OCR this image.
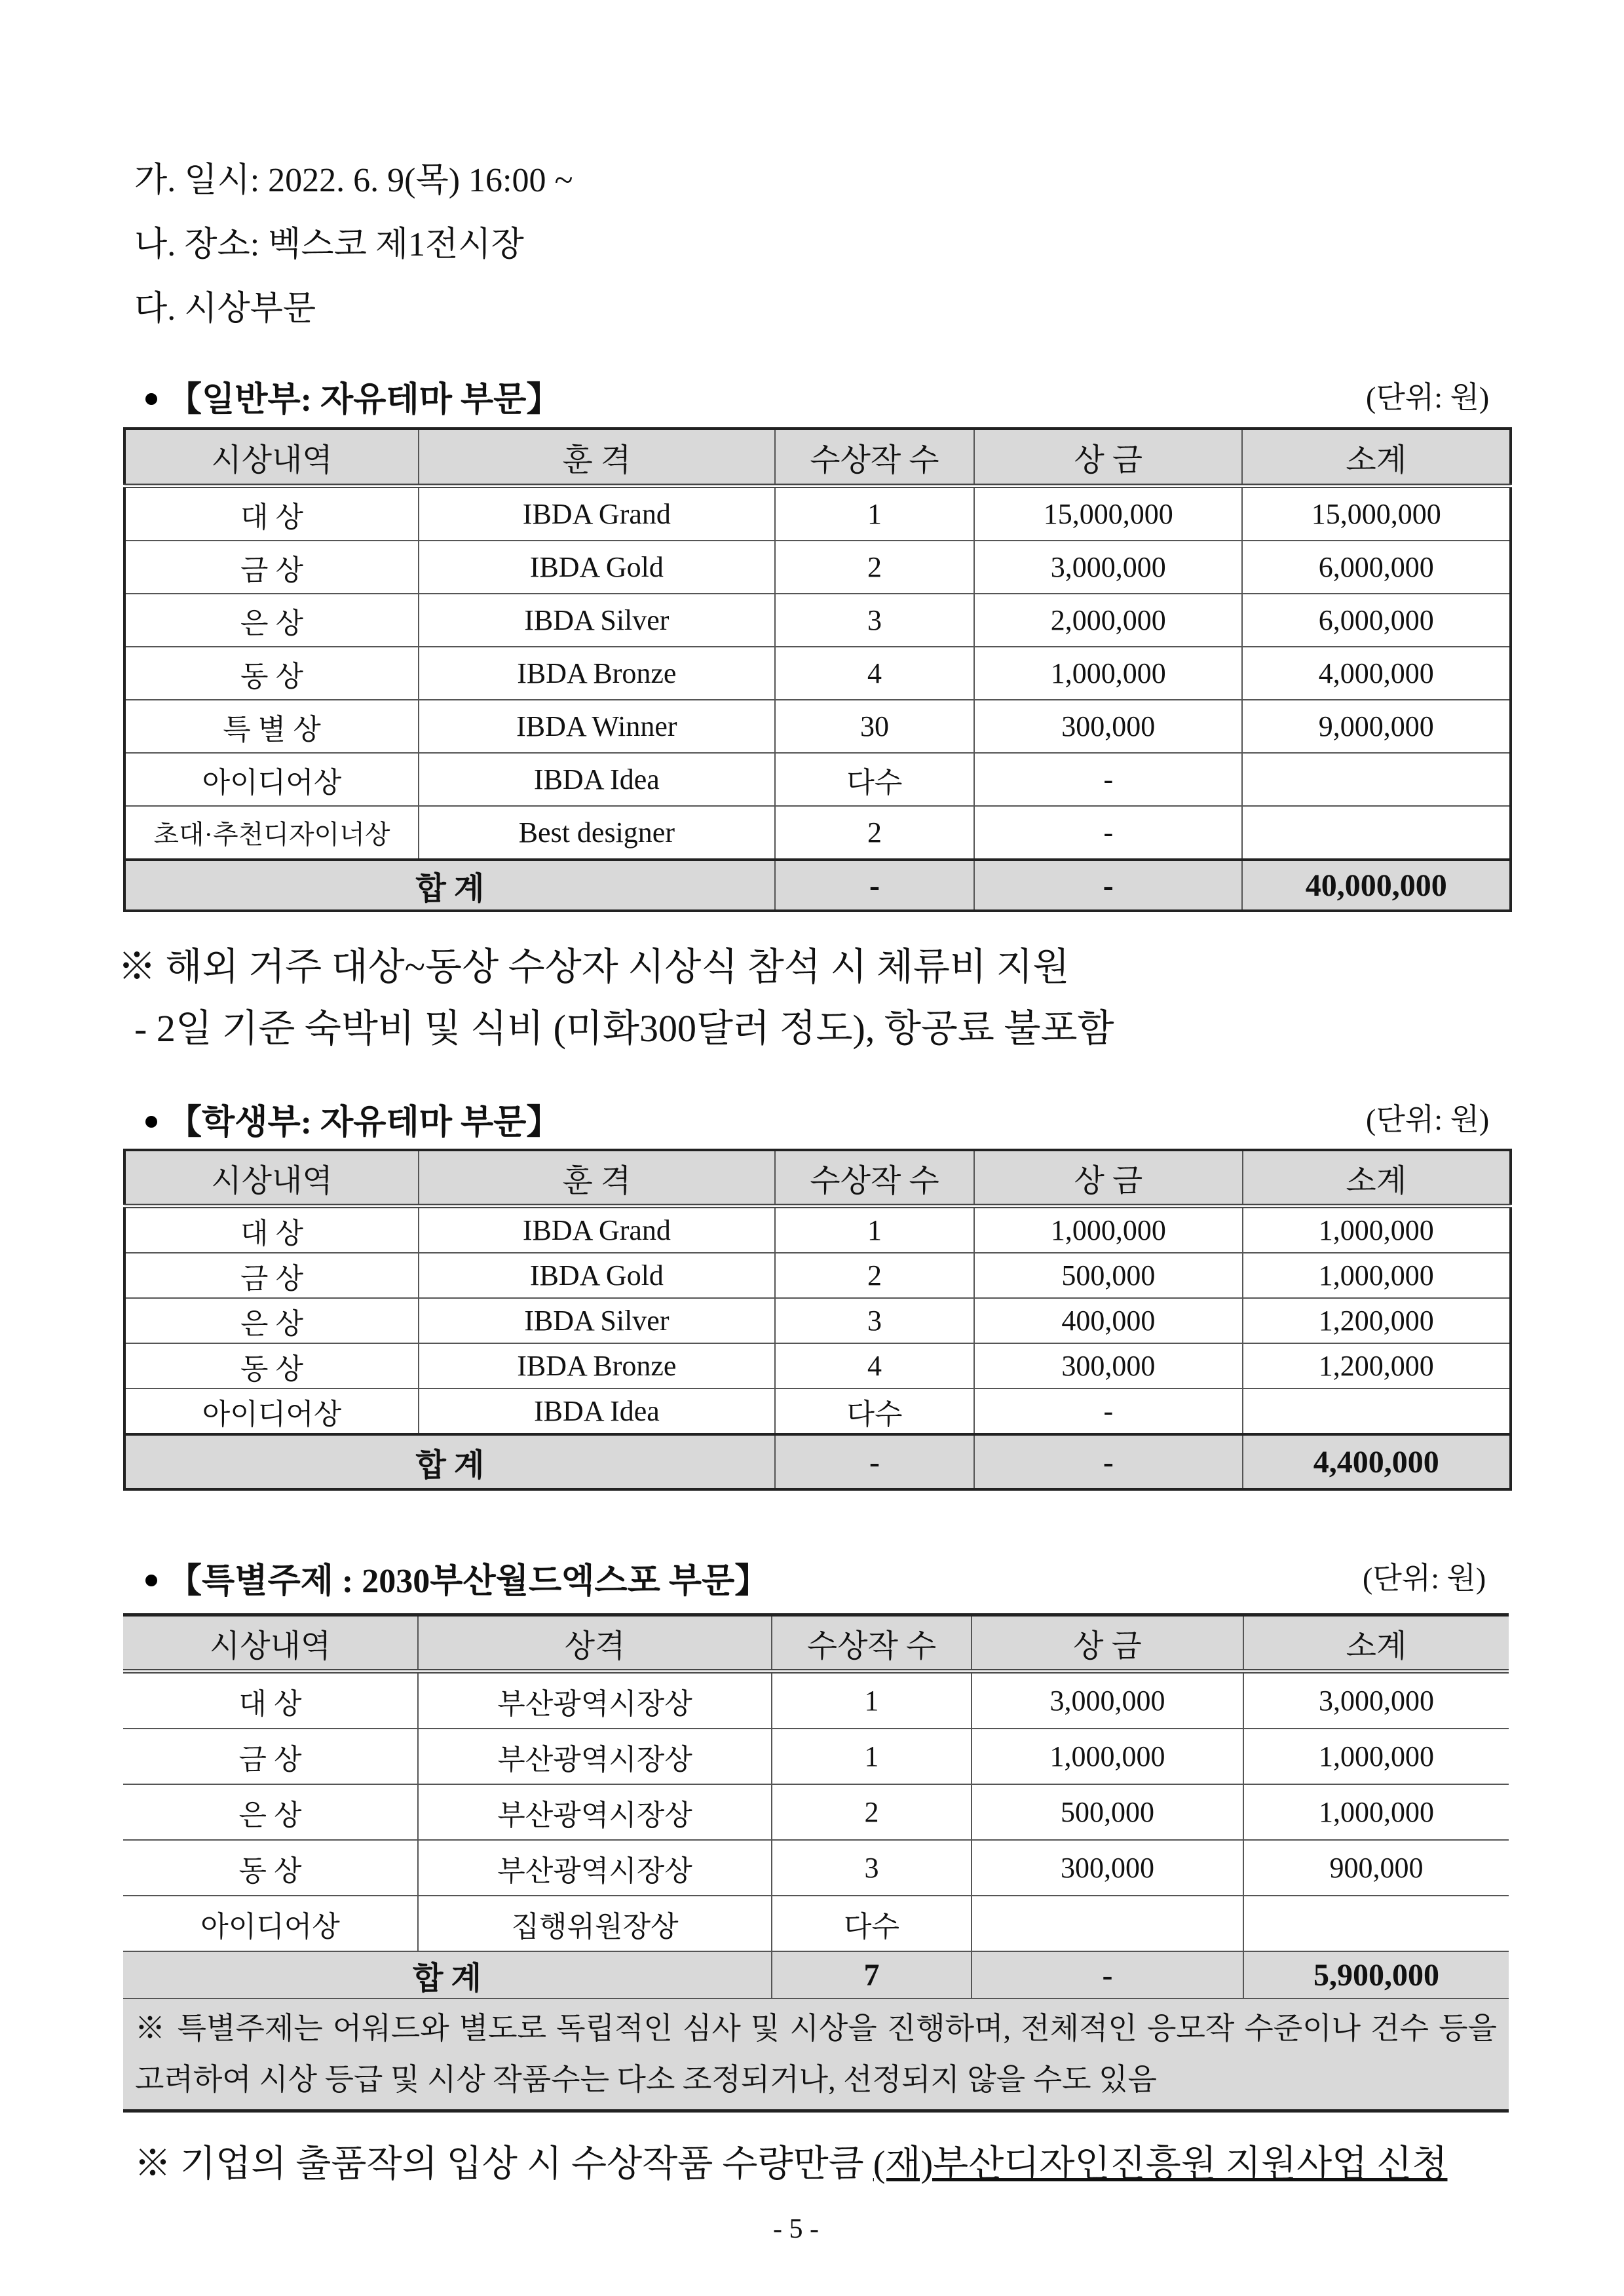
가. 일시: 2022. 6. 9(목) 16:00 ~
나. 장소: 벡스코 제1전시장
다. 시상부문
【일반부: 자유테마 부문】	(단위: 원)
시상내역	훈 격	수상작 수	상 금	소계
대 상	IBDA Grand	1	15,000,000	15,000,000
금 상	IBDA Gold	2	3,000,000	6,000,000
은 상	IBDA Silver	3	2,000,000	6,000,000
동 상	IBDA Bronze	4	1,000,000	4,000,000
특 별 상	IBDA Winner	30	300,000	9,000,000
아이디어상	IBDA Idea	다수	-	
초대·추천디자이너상	Best designer	2	-	
합 계		-	-	40,000,000
※ 해외 거주 대상~동상 수상자 시상식 참석 시 체류비 지원
- 2일 기준 숙박비 및 식비 (미화300달러 정도), 항공료 불포함
【학생부: 자유테마 부문】	(단위: 원)
시상내역	훈 격	수상작 수	상 금	소계
대 상	IBDA Grand	1	1,000,000	1,000,000
금 상	IBDA Gold	2	500,000	1,000,000
은 상	IBDA Silver	3	400,000	1,200,000
동 상	IBDA Bronze	4	300,000	1,200,000
아이디어상	IBDA Idea	다수	-	
합 계		-	-	4,400,000
【특별주제 : 2030부산월드엑스포 부문】	(단위: 원)
시상내역	상격	수상작 수	상 금	소계
대 상	부산광역시장상	1	3,000,000	3,000,000
금 상	부산광역시장상	1	1,000,000	1,000,000
은 상	부산광역시장상	2	500,000	1,000,000
동 상	부산광역시장상	3	300,000	900,000
아이디어상	집행위원장상	다수		
합 계		7	-	5,900,000
※ 특별주제는 어워드와 별도로 독립적인 심사 및 시상을 진행하며, 전체적인 응모작 수준이나 건수 등을 고려하여 시상 등급 및 시상 작품수는 다소 조정되거나, 선정되지 않을 수도 있음				
※ 기업의 출품작의 입상 시 수상작품 수량만큼 (재)부산디자인진흥원 지원사업 신청
- 5 -
